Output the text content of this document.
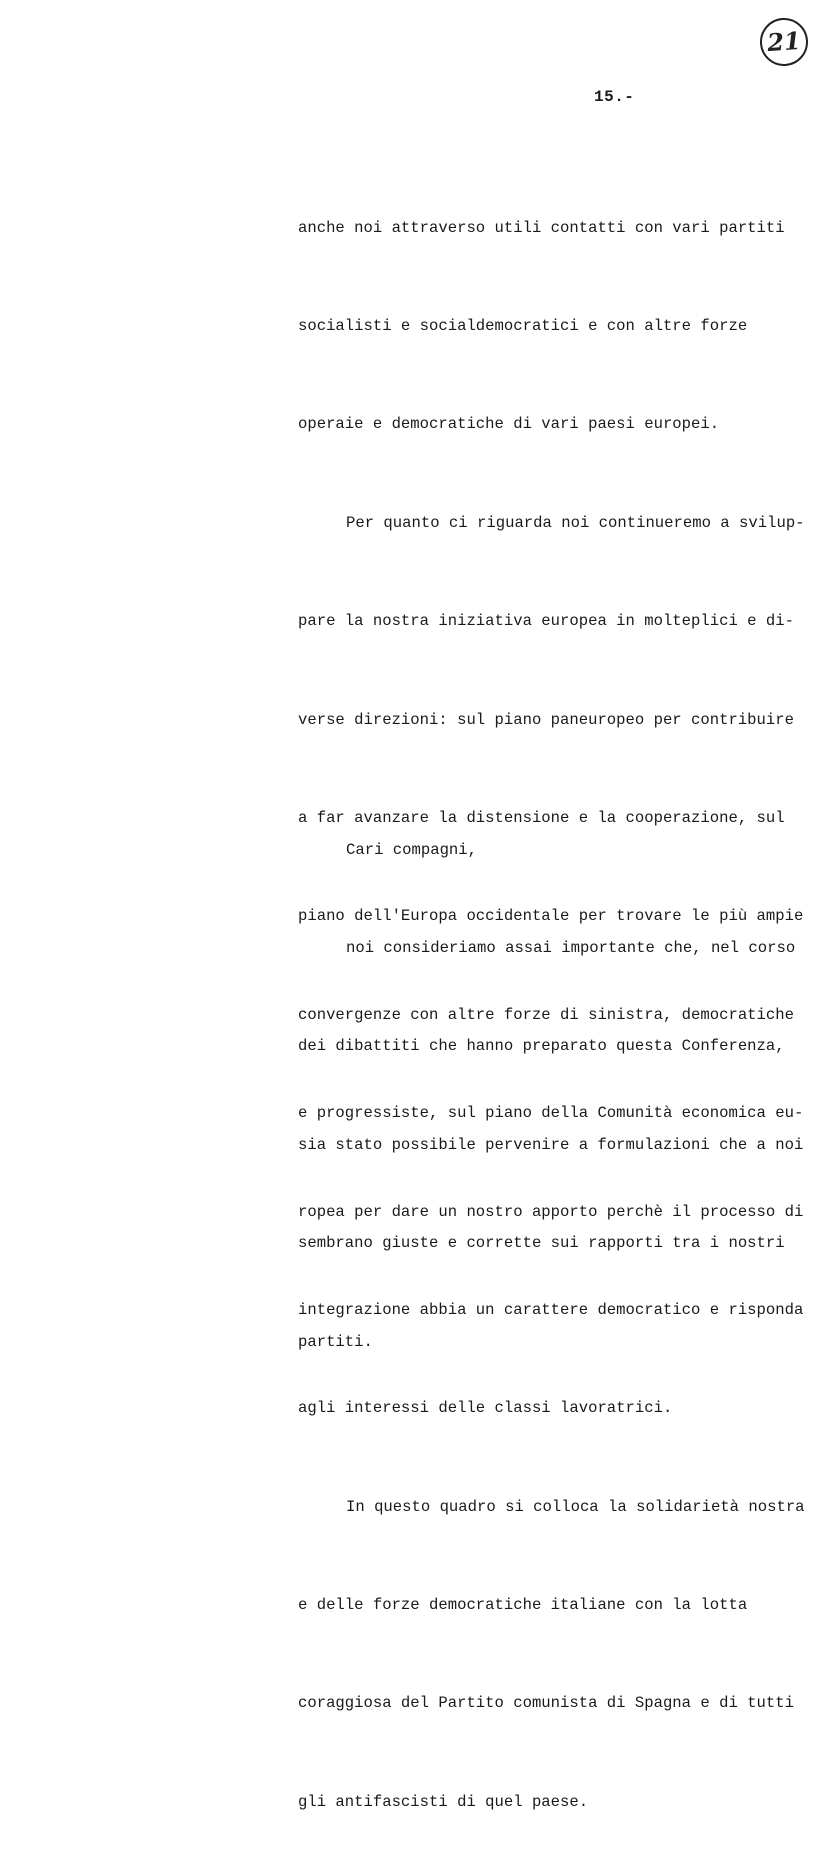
21
15.-

anche noi attraverso utili contatti con vari partiti

socialisti e socialdemocratici e con altre forze

operaie e democratiche di vari paesi europei.

Per quanto ci riguarda noi continueremo a svilup-

pare la nostra iniziativa europea in molteplici e di-

verse direzioni: sul piano paneuropeo per contribuire

a far avanzare la distensione e la cooperazione, sul

piano dell'Europa occidentale per trovare le più ampie

convergenze con altre forze di sinistra, democratiche

e progressiste, sul piano della Comunità economica eu-

ropea per dare un nostro apporto perchè il processo di

integrazione abbia un carattere democratico e risponda

agli interessi delle classi lavoratrici.

In questo quadro si colloca la solidarietà nostra

e delle forze democratiche italiane con la lotta

coraggiosa del Partito comunista di Spagna e di tutti

gli antifascisti di quel paese.

Cari compagni,

noi consideriamo assai importante che, nel corso

dei dibattiti che hanno preparato questa Conferenza,

sia stato possibile pervenire a formulazioni che a noi

sembrano giuste e corrette sui rapporti tra i nostri

partiti.
